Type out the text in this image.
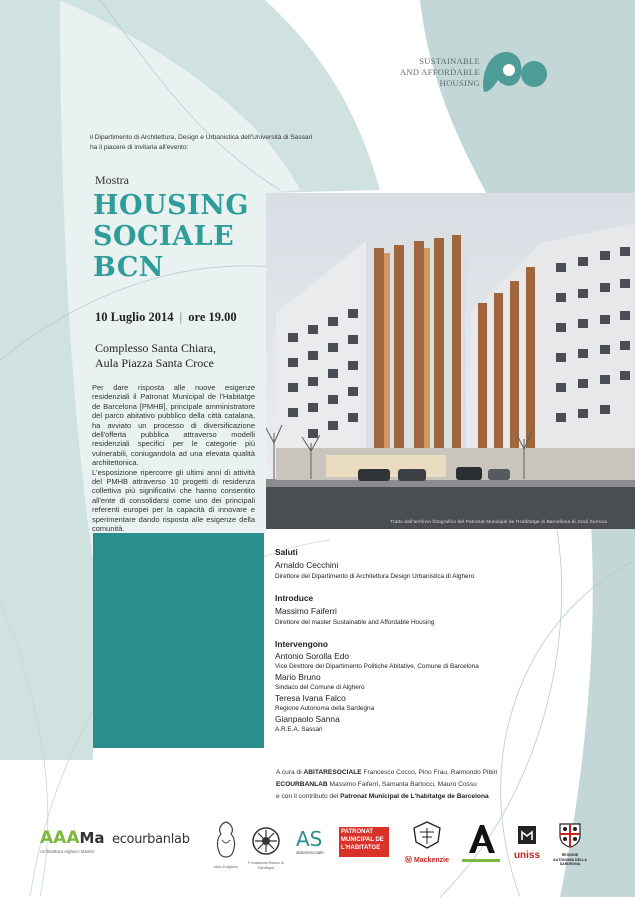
SUSTAINABLE
AND AFFORDABLE
HOUSING
il Dipartimento di Architettura, Design e Urbanistica dell'Università di Sassari
ha il piacere di invitarla all'evento:
Mostra
HOUSING
SOCIALE
BCN
10 Luglio 2014 | ore 19.00
Complesso Santa Chiara,
Aula Piazza Santa Croce

Per dare risposta alle nuove esigenze residenziali il Patronat Municipal de l'Habitatge de Barcelona [PMHB], principale amministratore del parco abitativo pubblico della città catalana, ha avviato un processo di diversificazione dell'offerta pubblica attraverso modelli residenziali specifici per le categorie più vulnerabili, coniugandola ad una elevata qualità architettonica.

L'esposizione ripercorre gli ultimi anni di attività del PMHB attraverso 10 progetti di residenza collettiva più significativi che hanno consentito all'ente di consolidarsi come uno dei principali referenti europei per la capacità di innovare e sperimentare dando risposta alle esigenze della comunità.

Tratto dall'archivio fotografico del Patronat Municipal de l'Habitatge di Barcellona di Jordi Surroca
Saluti
Arnaldo Cecchini
Direttore del Dipartimento di Architettura Design Urbanistica di Alghero
Introduce
Massimo Faiferri
Direttore del master Sustainable and Affordable Housing
Intervengono
Antonio Sorolla Edo
Vice Direttore del Dipartimento Politiche Abitative, Comune di Barcelona
Mario Bruno
Sindaco del Comune di Alghero
Teresa Ivana Falco
Regione Autonoma della Sardegna
Gianpaolo Sanna
A.R.E.A. Sassari
A cura di ABITARESOCIALE Francesco Cocco, Pino Frau, Raimondo Pibiri
ECOURBANLAB Massimo Faiferri, Samanta Bartocci, Mauro Cossu
e con il contributo del Patronat Municipal de L'habitatge de Barcelona
AAAMa
Architettura Alghero Master
ecourbanlab
città di alghero
Fondazione Banco di Sardegna
AS
abitaresociale
PATRONAT
MUNICIPAL DE
L'HABITATGE
Ⓜ Mackenzie	uniss	REGIONE AUTONOMA DELLA SARDEGNA
